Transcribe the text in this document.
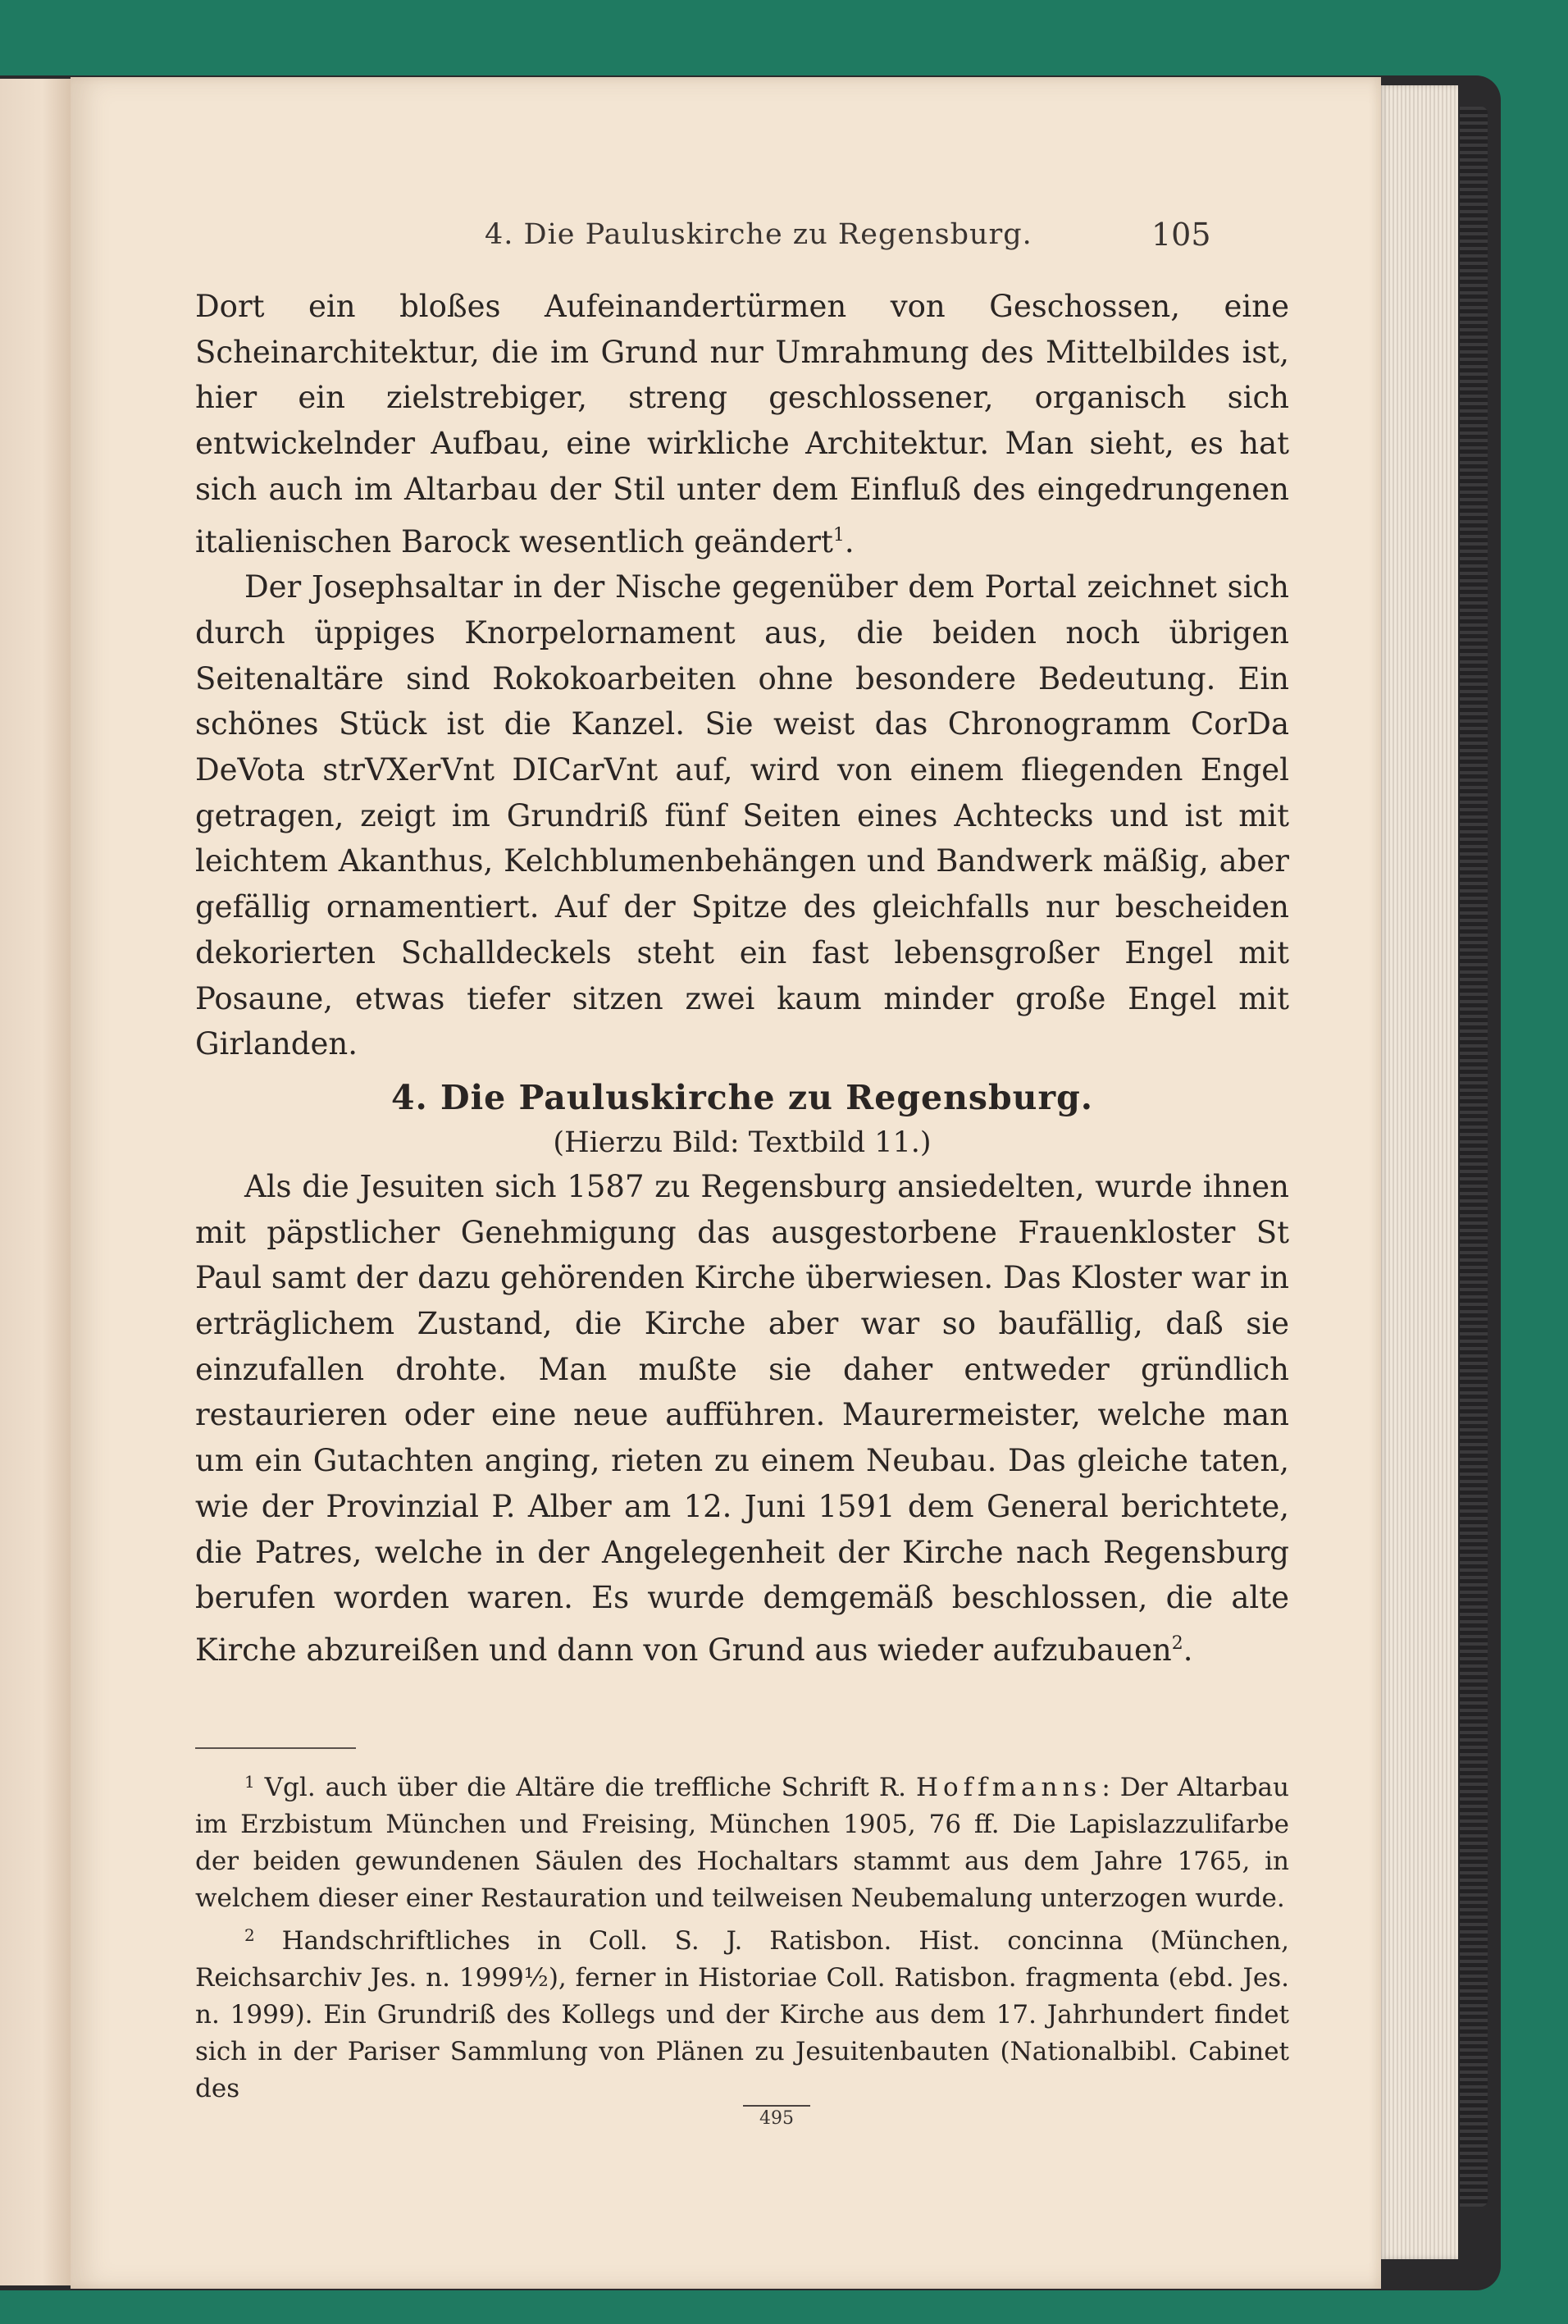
4. Die Pauluskirche zu Regensburg.	105

Dort ein bloßes Aufeinandertürmen von Geschossen, eine Scheinarchitektur, die im Grund nur Umrahmung des Mittelbildes ist, hier ein zielstrebiger, streng geschlossener, organisch sich entwickelnder Aufbau, eine wirkliche Architektur. Man sieht, es hat sich auch im Altarbau der Stil unter dem Einfluß des eingedrungenen italienischen Barock wesentlich geändert$^1$.

Der Josephsaltar in der Nische gegenüber dem Portal zeichnet sich durch üppiges Knorpelornament aus, die beiden noch übrigen Seitenaltäre sind Rokokoarbeiten ohne besondere Bedeutung. Ein schönes Stück ist die Kanzel. Sie weist das Chronogramm CorDa DeVota strVXerVnt DICarVnt auf, wird von einem fliegenden Engel getragen, zeigt im Grundriß fünf Seiten eines Achtecks und ist mit leichtem Akanthus, Kelchblumenbehängen und Bandwerk mäßig, aber gefällig ornamentiert. Auf der Spitze des gleichfalls nur bescheiden dekorierten Schalldeckels steht ein fast lebensgroßer Engel mit Posaune, etwas tiefer sitzen zwei kaum minder große Engel mit Girlanden.

4. Die Pauluskirche zu Regensburg.
(Hierzu Bild: Textbild 11.)

Als die Jesuiten sich 1587 zu Regensburg ansiedelten, wurde ihnen mit päpstlicher Genehmigung das ausgestorbene Frauenkloster St Paul samt der dazu gehörenden Kirche überwiesen. Das Kloster war in erträglichem Zustand, die Kirche aber war so baufällig, daß sie einzufallen drohte. Man mußte sie daher entweder gründlich restaurieren oder eine neue aufführen. Maurermeister, welche man um ein Gutachten anging, rieten zu einem Neubau. Das gleiche taten, wie der Provinzial P. Alber am 12. Juni 1591 dem General berichtete, die Patres, welche in der Angelegenheit der Kirche nach Regensburg berufen worden waren. Es wurde demgemäß beschlossen, die alte Kirche abzureißen und dann von Grund aus wieder aufzubauen$^2$.

$^1$ Vgl. auch über die Altäre die treffliche Schrift R. Hoffmanns: Der Altarbau im Erzbistum München und Freising, München 1905, 76 ff. Die Lapislazzulifarbe der beiden gewundenen Säulen des Hochaltars stammt aus dem Jahre 1765, in welchem dieser einer Restauration und teilweisen Neubemalung unterzogen wurde.

$^2$ Handschriftliches in Coll. S. J. Ratisbon. Hist. concinna (München, Reichsarchiv Jes. n. 1999½), ferner in Historiae Coll. Ratisbon. fragmenta (ebd. Jes. n. 1999). Ein Grundriß des Kollegs und der Kirche aus dem 17. Jahrhundert findet sich in der Pariser Sammlung von Plänen zu Jesuitenbauten (Nationalbibl. Cabinet des

495
